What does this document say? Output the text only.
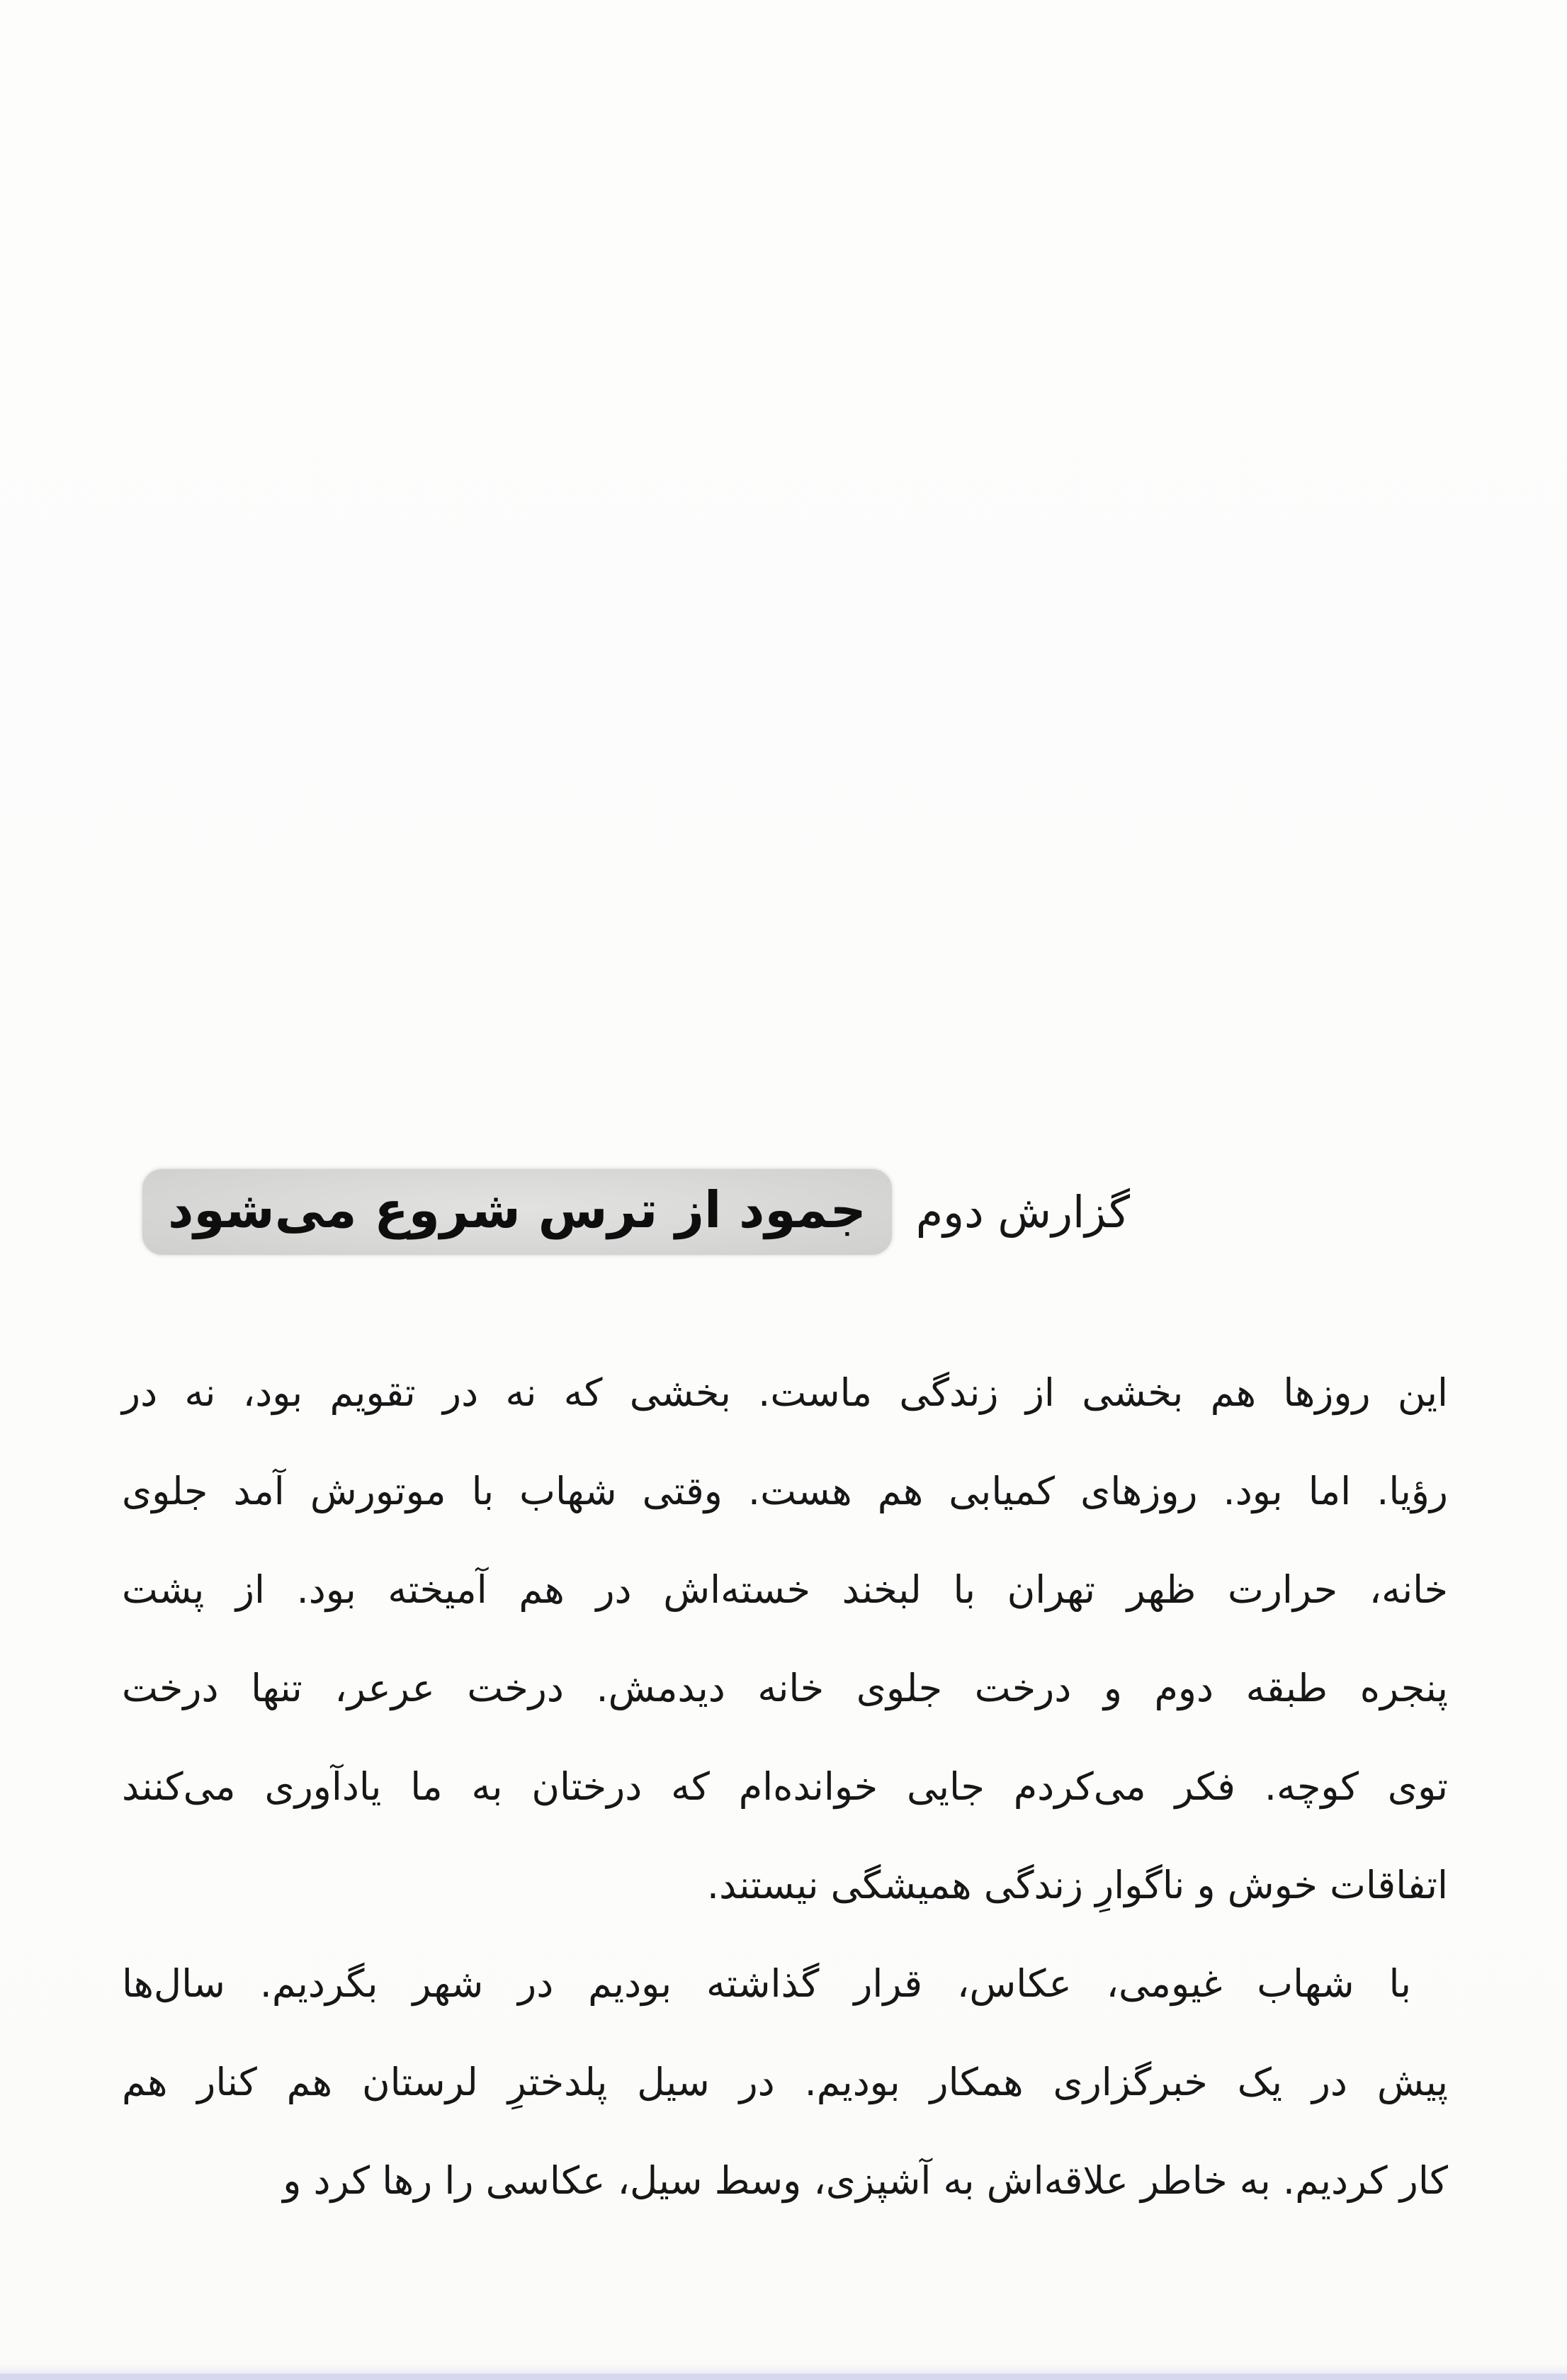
گزارش دوم
جمود از ترس شروع می‌شود
این روزها هم بخشی از زندگی ماست. بخشی که نه در تقویم بود، نه در
رؤیا. اما بود. روزهای کمیابی هم هست. وقتی شهاب با موتورش آمد جلوی
خانه، حرارت ظهر تهران با لبخند خسته‌اش در هم آمیخته بود. از پشت
پنجره طبقه دوم و درخت جلوی خانه دیدمش. درخت عرعر، تنها درخت
توی کوچه. فکر می‌کردم جایی خوانده‌ام که درختان به ما یادآوری می‌کنند
اتفاقات خوش و ناگوارِ زندگی همیشگی نیستند.
با شهاب غیومی، عکاس، قرار گذاشته بودیم در شهر بگردیم. سال‌ها
پیش در یک خبرگزاری همکار بودیم. در سیل پلدخترِ لرستان هم کنار هم
کار کردیم. به خاطر علاقه‌اش به آشپزی، وسط سیل، عکاسی را رها کرد و
